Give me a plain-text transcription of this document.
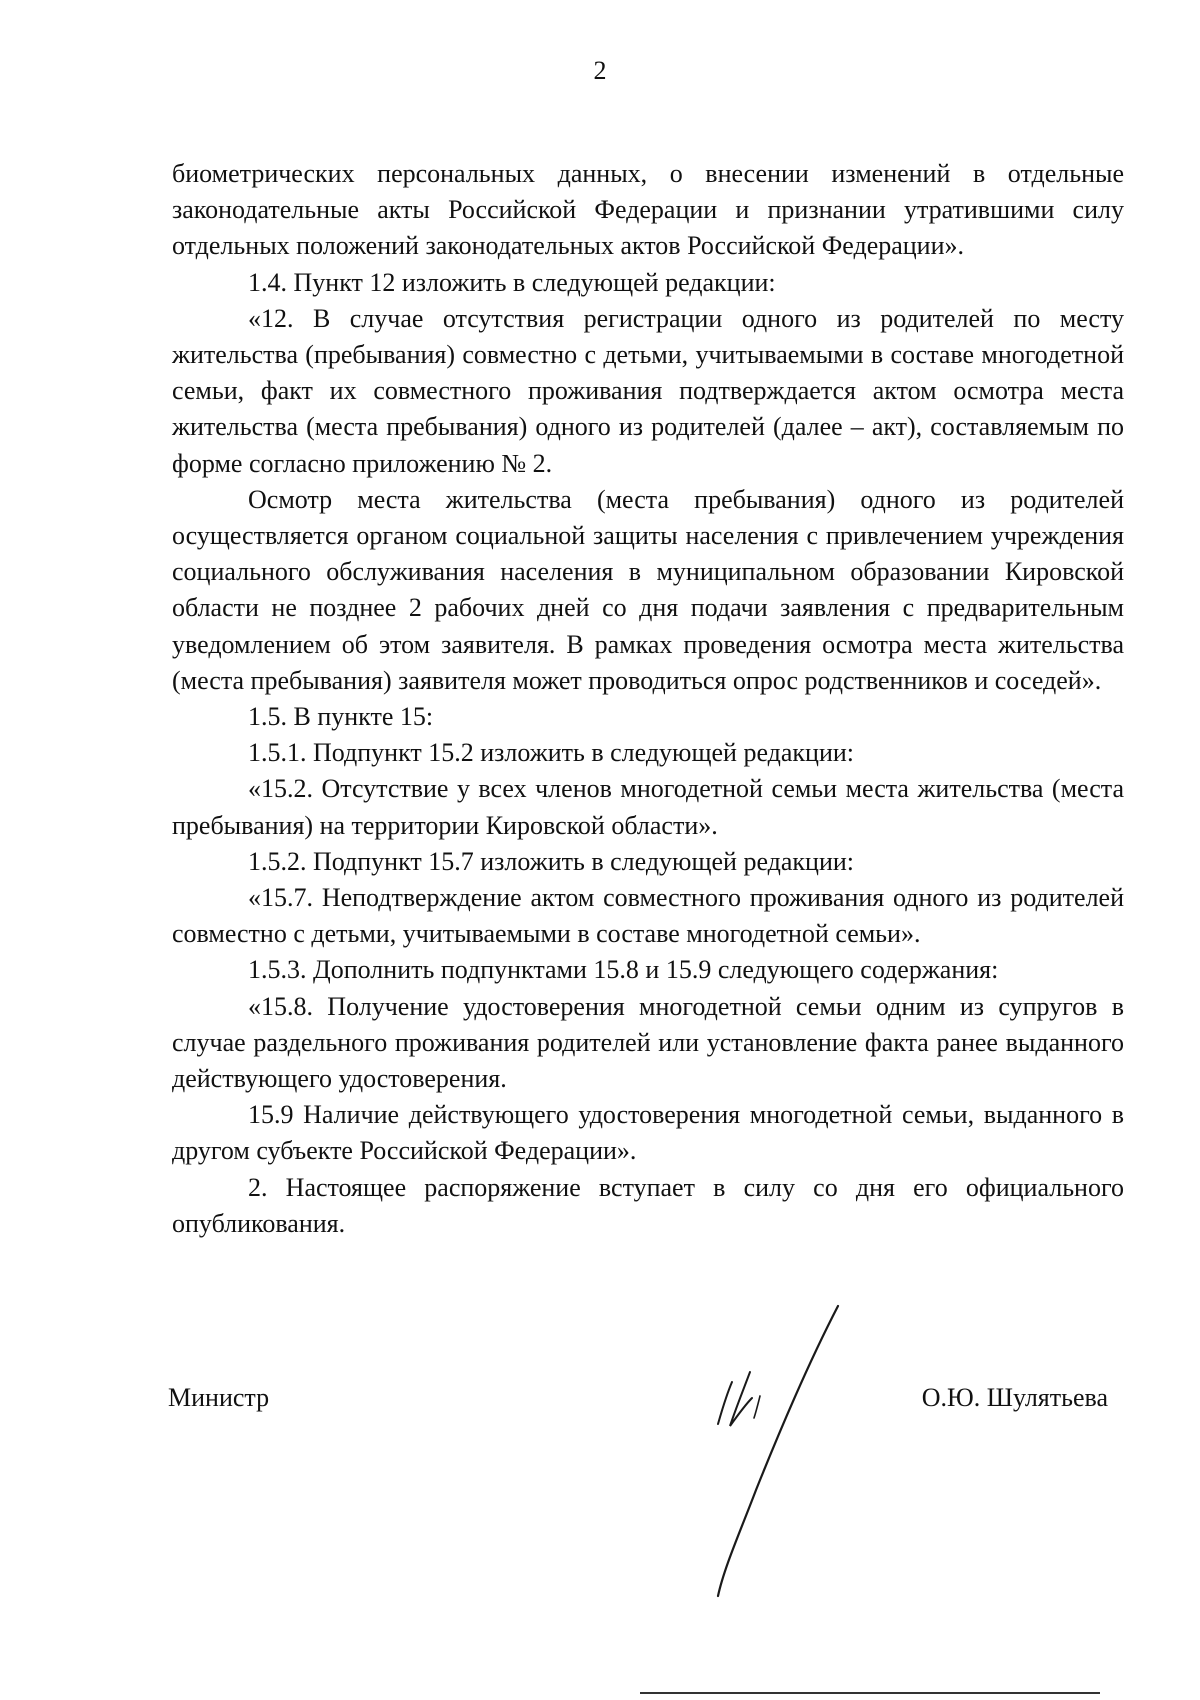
2

биометрических персональных данных, о внесении изменений в отдельные законодательные акты Российской Федерации и признании утратившими силу отдельных положений законодательных актов Российской Федерации».

1.4. Пункт 12 изложить в следующей редакции:

«12. В случае отсутствия регистрации одного из родителей по месту жительства (пребывания) совместно с детьми, учитываемыми в составе многодетной семьи, факт их совместного проживания подтверждается актом осмотра места жительства (места пребывания) одного из родителей (далее – акт), составляемым по форме согласно приложению № 2.

Осмотр места жительства (места пребывания) одного из родителей осуществляется органом социальной защиты населения с привлечением учреждения социального обслуживания населения в муниципальном образовании Кировской области не позднее 2 рабочих дней со дня подачи заявления с предварительным уведомлением об этом заявителя. В рамках проведения осмотра места жительства (места пребывания) заявителя может проводиться опрос родственников и соседей».

1.5. В пункте 15:

1.5.1. Подпункт 15.2 изложить в следующей редакции:

«15.2. Отсутствие у всех членов многодетной семьи места жительства (места пребывания) на территории Кировской области».

1.5.2. Подпункт 15.7 изложить в следующей редакции:

«15.7. Неподтверждение актом совместного проживания одного из родителей совместно с детьми, учитываемыми в составе многодетной семьи».

1.5.3. Дополнить подпунктами 15.8 и 15.9 следующего содержания:

«15.8. Получение удостоверения многодетной семьи одним из супругов в случае раздельного проживания родителей или установление факта ранее выданного действующего удостоверения.

15.9 Наличие действующего удостоверения многодетной семьи, выданного в другом субъекте Российской Федерации».

2. Настоящее распоряжение вступает в силу со дня его официального опубликования.

Министр	О.Ю. Шулятьева
